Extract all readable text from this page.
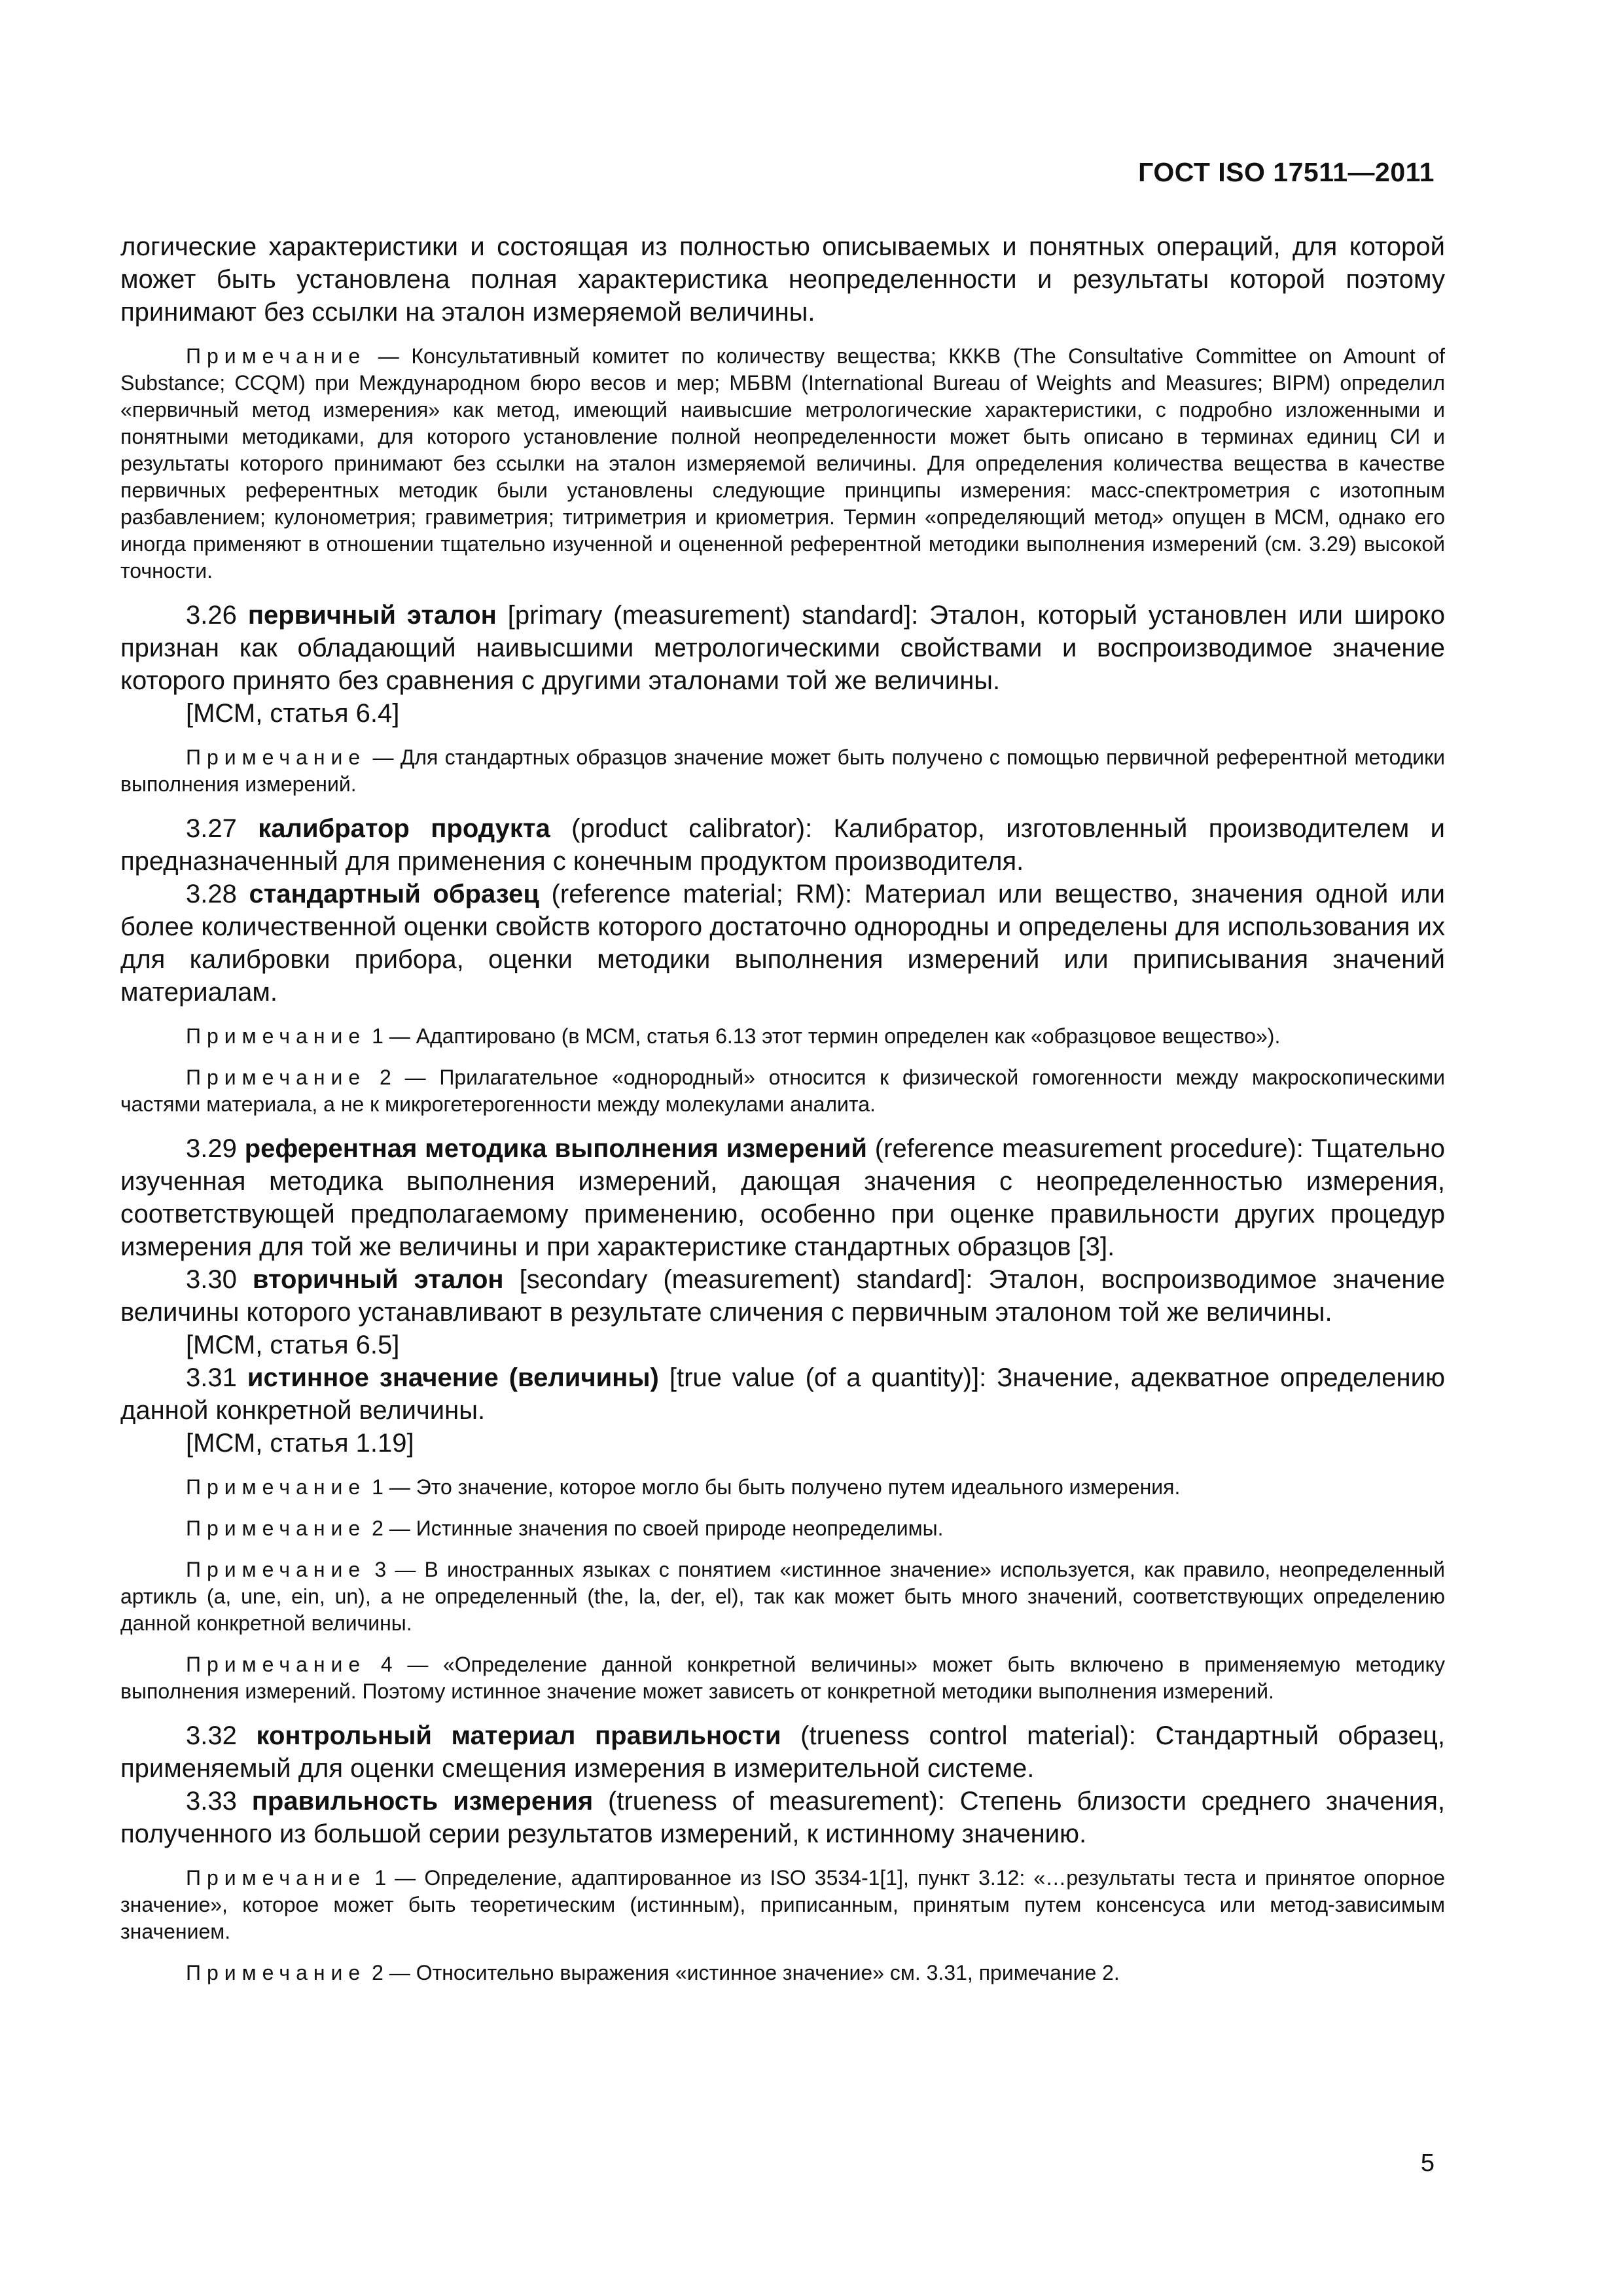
ГОСТ ISO 17511—2011

логические характеристики и состоящая из полностью описываемых и понятных операций, для которой может быть установлена полная характеристика неопределенности и результаты которой поэтому принимают без ссылки на эталон измеряемой величины.

Примечание — Консультативный комитет по количеству вещества; ККKB (The Consultative Committee on Amount of Substance; CCQM) при Международном бюро весов и мер; МБВМ (International Bureau of Weights and Measures; BIPM) определил «первичный метод измерения» как метод, имеющий наивысшие метрологические характеристики, с подробно изложенными и понятными методиками, для которого установление полной неопределенности может быть описано в терминах единиц СИ и результаты которого принимают без ссылки на эталон измеряемой величины. Для определения количества вещества в качестве первичных референтных методик были установлены следующие принципы измерения: масс-спектрометрия с изотопным разбавлением; кулонометрия; гравиметрия; титриметрия и криометрия. Термин «определяющий метод» опущен в МСМ, однако его иногда применяют в отношении тщательно изученной и оцененной референтной методики выполнения измерений (см. 3.29) высокой точности.

3.26 первичный эталон [primary (measurement) standard]: Эталон, который установлен или широко признан как обладающий наивысшими метрологическими свойствами и воспроизводимое значение которого принято без сравнения с другими эталонами той же величины.

[МСМ, статья 6.4]

Примечание — Для стандартных образцов значение может быть получено с помощью первичной референтной методики выполнения измерений.

3.27 калибратор продукта (product calibrator): Калибратор, изготовленный производителем и предназначенный для применения с конечным продуктом производителя.

3.28 стандартный образец (reference material; RM): Материал или вещество, значения одной или более количественной оценки свойств которого достаточно однородны и определены для использования их для калибровки прибора, оценки методики выполнения измерений или приписывания значений материалам.

Примечание 1 — Адаптировано (в МСМ, статья 6.13 этот термин определен как «образцовое вещество»).

Примечание 2 — Прилагательное «однородный» относится к физической гомогенности между макроскопическими частями материала, а не к микрогетерогенности между молекулами аналита.

3.29 референтная методика выполнения измерений (reference measurement procedure): Тщательно изученная методика выполнения измерений, дающая значения с неопределенностью измерения, соответствующей предполагаемому применению, особенно при оценке правильности других процедур измерения для той же величины и при характеристике стандартных образцов [3].

3.30 вторичный эталон [secondary (measurement) standard]: Эталон, воспроизводимое значение величины которого устанавливают в результате сличения с первичным эталоном той же величины.

[МСМ, статья 6.5]

3.31 истинное значение (величины) [true value (of a quantity)]: Значение, адекватное определению данной конкретной величины.

[МСМ, статья 1.19]

Примечание 1 — Это значение, которое могло бы быть получено путем идеального измерения.

Примечание 2 — Истинные значения по своей природе неопределимы.

Примечание 3 — В иностранных языках с понятием «истинное значение» используется, как правило, неопределенный артикль (a, une, ein, un), а не определенный (the, la, der, el), так как может быть много значений, соответствующих определению данной конкретной величины.

Примечание 4 — «Определение данной конкретной величины» может быть включено в применяемую методику выполнения измерений. Поэтому истинное значение может зависеть от конкретной методики выполнения измерений.

3.32 контрольный материал правильности (trueness control material): Стандартный образец, применяемый для оценки смещения измерения в измерительной системе.

3.33 правильность измерения (trueness of measurement): Степень близости среднего значения, полученного из большой серии результатов измерений, к истинному значению.

Примечание 1 — Определение, адаптированное из ISO 3534-1[1], пункт 3.12: «…результаты теста и принятое опорное значение», которое может быть теоретическим (истинным), приписанным, принятым путем консенсуса или метод-зависимым значением.

Примечание 2 — Относительно выражения «истинное значение» см. 3.31, примечание 2.

5
